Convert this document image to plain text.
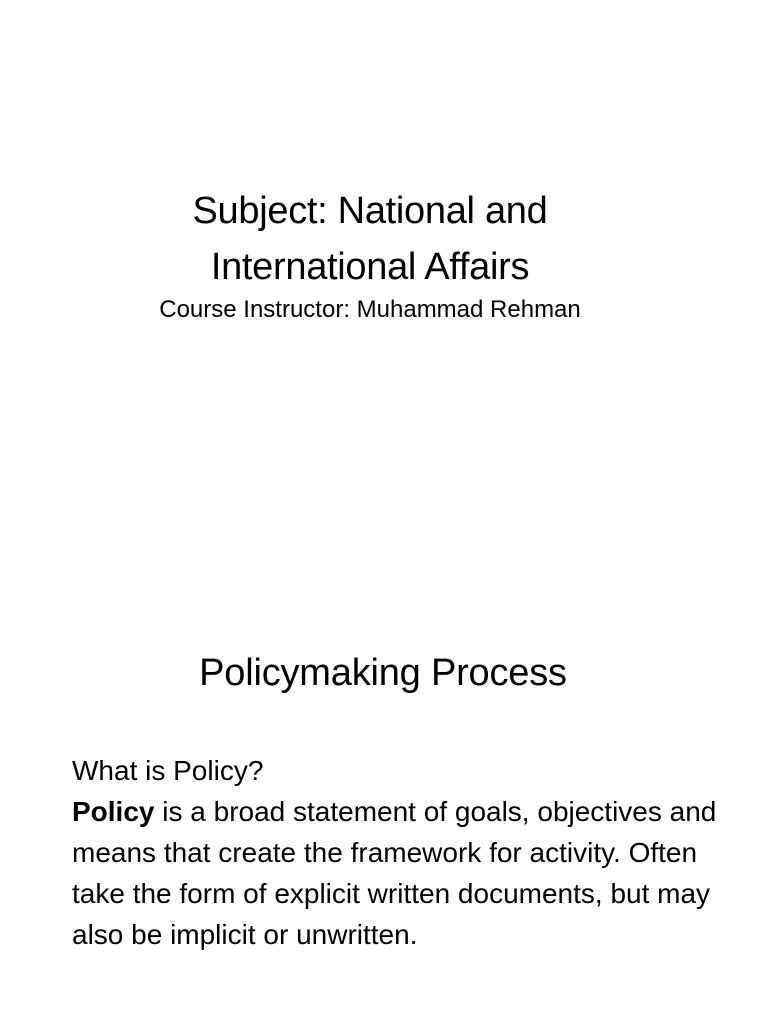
Subject: National and
International Affairs
Course Instructor: Muhammad Rehman
Policymaking Process

What is Policy?

Policy is a broad statement of goals, objectives and means that create the framework for activity. Often take the form of explicit written documents, but may also be implicit or unwritten.
